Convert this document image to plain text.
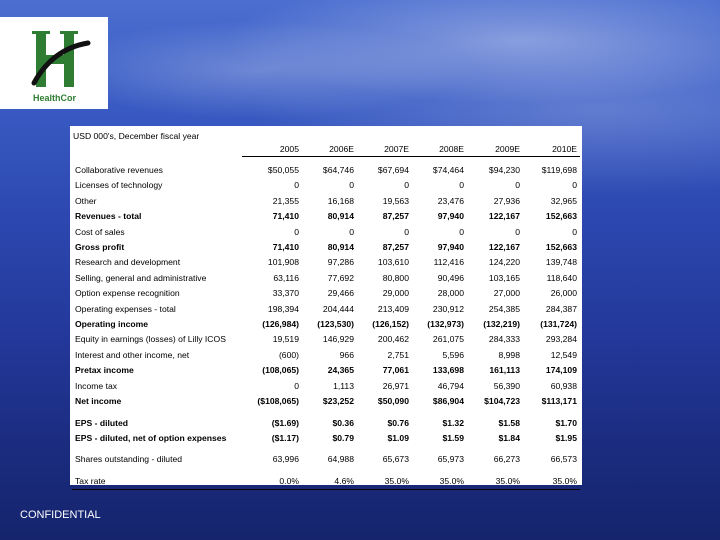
HealthCor
USD 000's, December fiscal year
	2005	2006E	2007E	2008E	2009E	2010E
Collaborative revenues	$50,055	$64,746	$67,694	$74,464	$94,230	$119,698
Licenses of technology	0	0	0	0	0	0
Other	21,355	16,168	19,563	23,476	27,936	32,965
Revenues - total	71,410	80,914	87,257	97,940	122,167	152,663
Cost of sales	0	0	0	0	0	0
Gross profit	71,410	80,914	87,257	97,940	122,167	152,663
Research and development	101,908	97,286	103,610	112,416	124,220	139,748
Selling, general and administrative	63,116	77,692	80,800	90,496	103,165	118,640
Option expense recognition	33,370	29,466	29,000	28,000	27,000	26,000
Operating expenses - total	198,394	204,444	213,409	230,912	254,385	284,387
Operating income	(126,984)	(123,530)	(126,152)	(132,973)	(132,219)	(131,724)
Equity in earnings (losses) of Lilly ICOS	19,519	146,929	200,462	261,075	284,333	293,284
Interest and other income, net	(600)	966	2,751	5,596	8,998	12,549
Pretax income	(108,065)	24,365	77,061	133,698	161,113	174,109
Income tax	0	1,113	26,971	46,794	56,390	60,938
Net income	($108,065)	$23,252	$50,090	$86,904	$104,723	$113,171
EPS - diluted	($1.69)	$0.36	$0.76	$1.32	$1.58	$1.70
EPS - diluted, net of option expenses	($1.17)	$0.79	$1.09	$1.59	$1.84	$1.95
Shares outstanding - diluted	63,996	64,988	65,673	65,973	66,273	66,573
Tax rate	0.0%	4.6%	35.0%	35.0%	35.0%	35.0%
CONFIDENTIAL
